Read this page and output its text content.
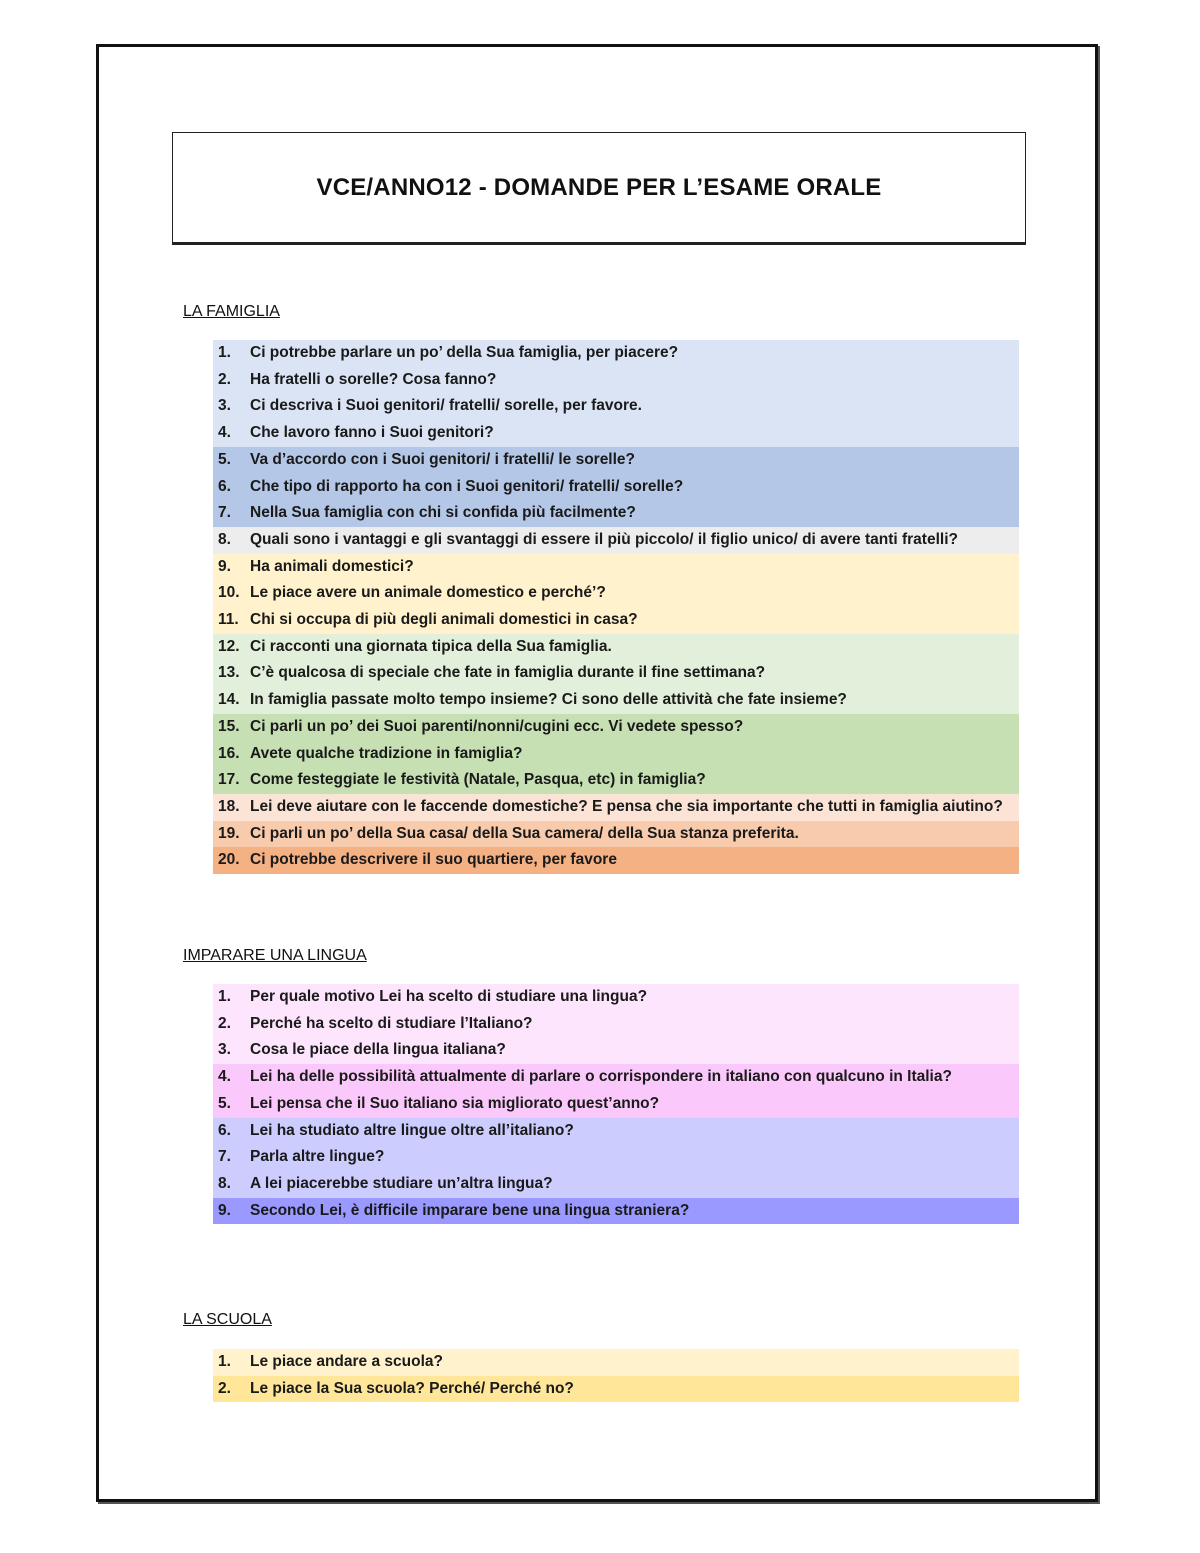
VCE/ANNO12 - DOMANDE PER L’ESAME ORALE
LA FAMIGLIA
1.	Ci potrebbe parlare un po’ della Sua famiglia, per piacere?
2.	Ha fratelli o sorelle? Cosa fanno?
3.	Ci descriva i Suoi genitori/ fratelli/ sorelle, per favore.
4.	Che lavoro fanno i Suoi genitori?
5.	Va d’accordo con i Suoi genitori/ i fratelli/ le sorelle?
6.	Che tipo di rapporto ha con i Suoi genitori/ fratelli/ sorelle?
7.	Nella Sua famiglia con chi si confida più facilmente?
8.	Quali sono i vantaggi e gli svantaggi di essere il più piccolo/ il figlio unico/ di avere tanti fratelli?
9.	Ha animali domestici?
10. Le piace avere un animale domestico e perché’?
11. Chi si occupa di più degli animali domestici in casa?
12. Ci racconti una giornata tipica della Sua famiglia.
13. C’è qualcosa di speciale che fate in famiglia durante il fine settimana?
14. In famiglia passate molto tempo insieme? Ci sono delle attività che fate insieme?
15. Ci parli un po’ dei Suoi parenti/nonni/cugini ecc. Vi vedete spesso?
16. Avete qualche tradizione in famiglia?
17. Come festeggiate le festività (Natale, Pasqua, etc) in famiglia?
18. Lei deve aiutare con le faccende domestiche? E pensa che sia importante che tutti in famiglia aiutino?
19. Ci parli un po’ della Sua casa/ della Sua camera/ della Sua stanza preferita.
20. Ci potrebbe descrivere il suo quartiere, per favore
IMPARARE UNA LINGUA
1.	Per quale motivo Lei ha scelto di studiare una lingua?
2.	Perché ha scelto di studiare l’Italiano?
3.	Cosa le piace della lingua italiana?
4.	Lei ha delle possibilità attualmente di parlare o corrispondere in italiano con qualcuno in Italia?
5.	Lei pensa che il Suo italiano sia migliorato quest’anno?
6.	Lei ha studiato altre lingue oltre all’italiano?
7.	Parla altre lingue?
8.	A lei piacerebbe studiare un’altra lingua?
9.	Secondo Lei, è difficile imparare bene una lingua straniera?
LA SCUOLA
1.	Le piace andare a scuola?
2.	Le piace la Sua scuola? Perché/ Perché no?
